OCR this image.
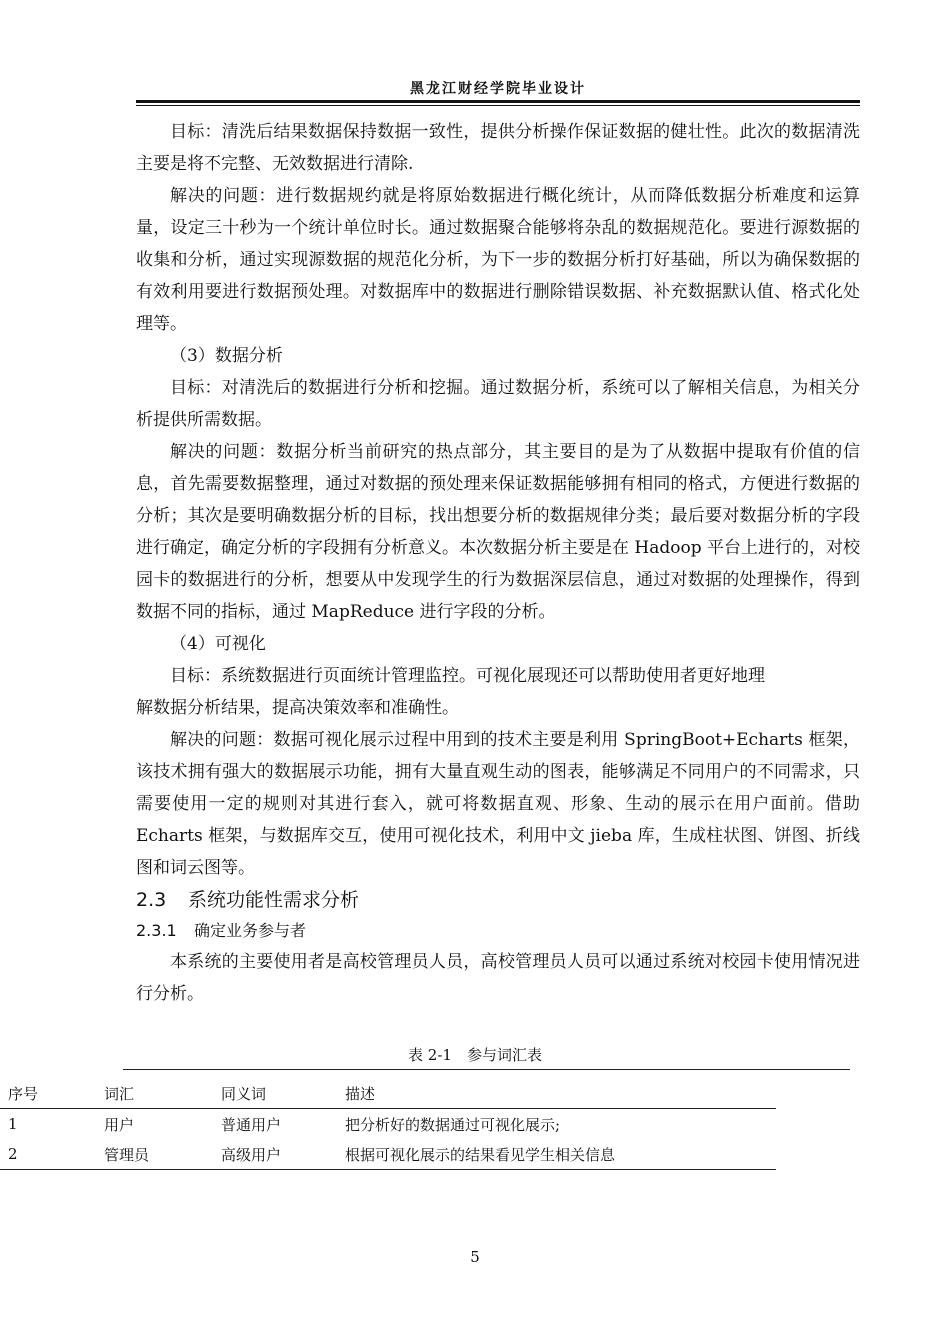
黑龙江财经学院毕业设计

目标：清洗后结果数据保持数据一致性，提供分析操作保证数据的健壮性。此次的数据清洗主要是将不完整、无效数据进行清除.

解决的问题：进行数据规约就是将原始数据进行概化统计，从而降低数据分析难度和运算量，设定三十秒为一个统计单位时长。通过数据聚合能够将杂乱的数据规范化。要进行源数据的收集和分析，通过实现源数据的规范化分析，为下一步的数据分析打好基础，所以为确保数据的有效利用要进行数据预处理。对数据库中的数据进行删除错误数据、补充数据默认值、格式化处理等。

（3）数据分析

目标：对清洗后的数据进行分析和挖掘。通过数据分析，系统可以了解相关信息，为相关分析提供所需数据。

解决的问题：数据分析当前研究的热点部分，其主要目的是为了从数据中提取有价值的信息，首先需要数据整理，通过对数据的预处理来保证数据能够拥有相同的格式，方便进行数据的分析；其次是要明确数据分析的目标，找出想要分析的数据规律分类；最后要对数据分析的字段进行确定，确定分析的字段拥有分析意义。本次数据分析主要是在 Hadoop 平台上进行的，对校园卡的数据进行的分析，想要从中发现学生的行为数据深层信息，通过对数据的处理操作，得到数据不同的指标，通过 MapReduce 进行字段的分析。

（4）可视化

目标：系统数据进行页面统计管理监控。可视化展现还可以帮助使用者更好地理

解数据分析结果，提高决策效率和准确性。

解决的问题：数据可视化展示过程中用到的技术主要是利用 SpringBoot+Echarts 框架，该技术拥有强大的数据展示功能，拥有大量直观生动的图表，能够满足不同用户的不同需求，只需要使用一定的规则对其进行套入，就可将数据直观、形象、生动的展示在用户面前。借助 Echarts 框架，与数据库交互，使用可视化技术，利用中文 jieba 库，生成柱状图、饼图、折线图和词云图等。

2.3 系统功能性需求分析

2.3.1 确定业务参与者

本系统的主要使用者是高校管理员人员，高校管理员人员可以通过系统对校园卡使用情况进行分析。

表 2-1　参与词汇表
序号	词汇	同义词	描述
1	用户	普通用户	把分析好的数据通过可视化展示;
2	管理员	高级用户	根据可视化展示的结果看见学生相关信息
5
